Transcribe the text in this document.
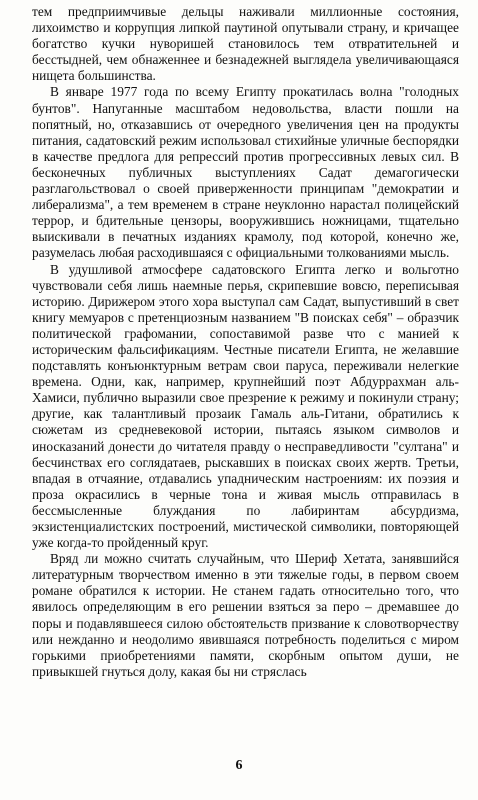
тем предприимчивые дельцы наживали миллионные состояния, лихоимство и коррупция липкой паутиной опутывали страну, и кричащее богатство кучки нуворишей становилось тем отвратительней и бесстыдней, чем обнаженнее и безнадежней выглядела увеличивающаяся нищета большинства.

В январе 1977 года по всему Египту прокатилась волна "голодных бунтов". Напуганные масштабом недовольства, власти пошли на попятный, но, отказавшись от очередного увеличения цен на продукты питания, садатовский режим использовал стихийные уличные беспорядки в качестве предлога для репрессий против прогрессивных левых сил. В бесконечных публичных выступлениях Садат демагогически разглагольствовал о своей приверженности принципам "демократии и либерализма", а тем временем в стране неуклонно нарастал полицейский террор, и бдительные цензоры, вооружившись ножницами, тщательно выискивали в печатных изданиях крамолу, под которой, конечно же, разумелась любая расходившаяся с официальными толкованиями мысль.

В удушливой атмосфере садатовского Египта легко и вольготно чувствовали себя лишь наемные перья, скрипевшие вовсю, переписывая историю. Дирижером этого хора выступал сам Садат, выпустивший в свет книгу мемуаров с претенциозным названием "В поисках себя" – образчик политической графомании, сопоставимой разве что с манией к историческим фальсификациям. Честные писатели Египта, не желавшие подставлять конъюнктурным ветрам свои паруса, переживали нелегкие времена. Одни, как, например, крупнейший поэт Абдуррахман аль-Хамиси, публично выразили свое презрение к режиму и покинули страну; другие, как талантливый прозаик Гамаль аль-Гитани, обратились к сюжетам из средневековой истории, пытаясь языком символов и иносказаний донести до читателя правду о несправедливости "султана" и бесчинствах его соглядатаев, рыскавших в поисках своих жертв. Третьи, впадая в отчаяние, отдавались упадническим настроениям: их поэзия и проза окрасились в черные тона и живая мысль отправилась в бессмысленные блуждания по лабиринтам абсурдизма, экзистенциалистских построений, мистической символики, повторяющей уже когда-то пройденный круг.

Вряд ли можно считать случайным, что Шериф Хетата, занявшийся литературным творчеством именно в эти тяжелые годы, в первом своем романе обратился к истории. Не станем гадать относительно того, что явилось определяющим в его решении взяться за перо – дремавшее до поры и подавлявшееся силою обстоятельств призвание к словотворчеству или нежданно и неодолимо явившаяся потребность поделиться с миром горькими приобретениями памяти, скорбным опытом души, не привыкшей гнуться долу, какая бы ни стряслась

6
